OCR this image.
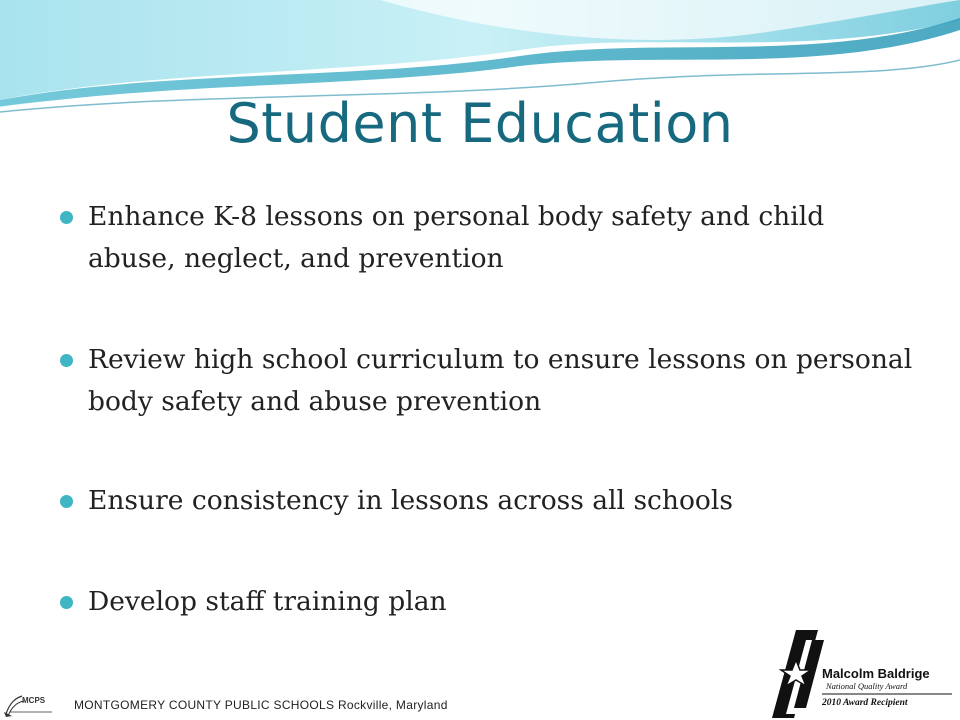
Student Education
Enhance K-8 lessons on personal body safety and child abuse, neglect, and prevention
Review high school curriculum to ensure lessons on personal body safety and abuse prevention
Ensure consistency in lessons across all schools
Develop staff training plan
MCPS MONTGOMERY COUNTY PUBLIC SCHOOLS Rockville, Maryland
Malcolm Baldrige
National Quality Award
2010 Award Recipient
